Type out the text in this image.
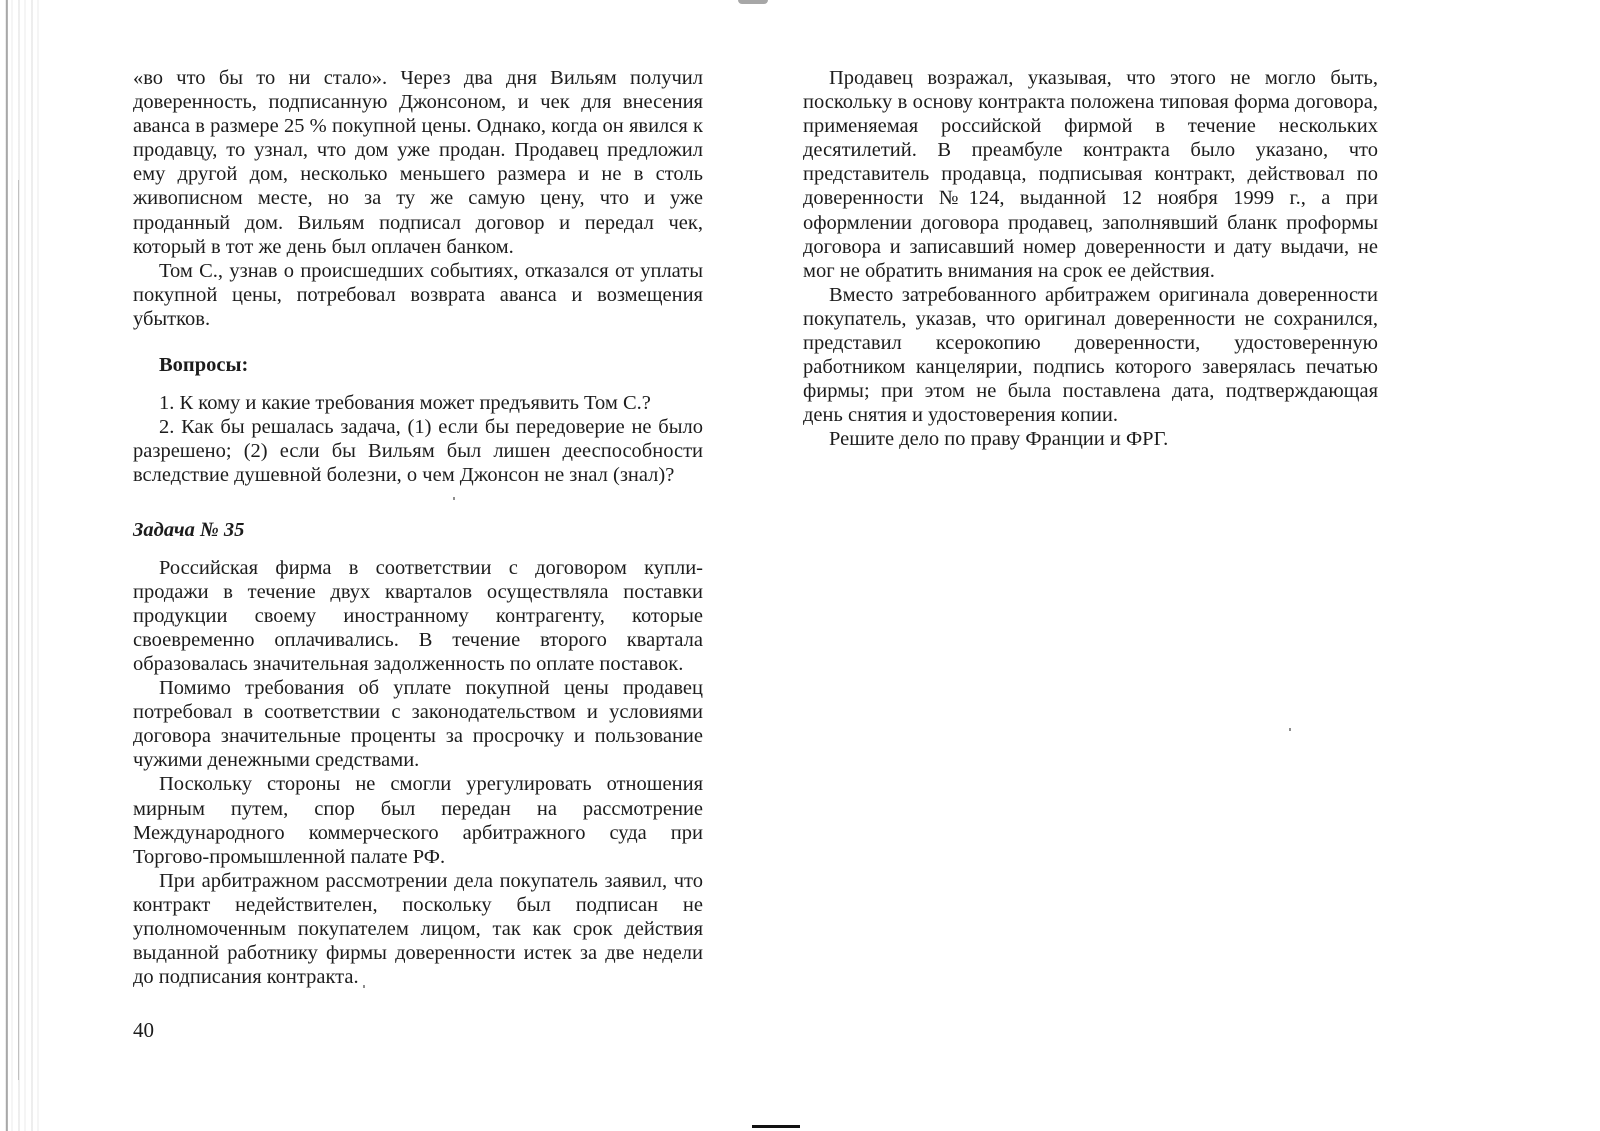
«во что бы то ни стало». Через два дня Вильям получил доверенность, подписанную Джонсоном, и чек для внесения аванса в размере 25 % покупной цены. Однако, когда он явился к продавцу, то узнал, что дом уже продан. Продавец предложил ему другой дом, несколько меньшего размера и не в столь живописном месте, но за ту же самую цену, что и уже проданный дом. Вильям подписал договор и передал чек, который в тот же день был оплачен банком.

Том С., узнав о происшедших событиях, отказался от уплаты покупной цены, потребовал возврата аванса и возмещения убытков.

Вопросы:

1. К кому и какие требования может предъявить Том С.?

2. Как бы решалась задача, (1) если бы передоверие не было разрешено; (2) если бы Вильям был лишен дееспособности вследствие душевной болезни, о чем Джонсон не знал (знал)?

Задача № 35

Российская фирма в соответствии с договором купли-продажи в течение двух кварталов осуществляла поставки продукции своему иностранному контрагенту, которые своевременно оплачивались. В течение второго квартала образовалась значительная задолженность по оплате поставок.

Помимо требования об уплате покупной цены продавец потребовал в соответствии с законодательством и условиями договора значительные проценты за просрочку и пользование чужими денежными средствами.

Поскольку стороны не смогли урегулировать отношения мирным путем, спор был передан на рассмотрение Международного коммерческого арбитражного суда при Торгово-промышленной палате РФ.

При арбитражном рассмотрении дела покупатель заявил, что контракт недействителен, поскольку был подписан не уполномоченным покупателем лицом, так как срок действия выданной работнику фирмы доверенности истек за две недели до подписания контракта.

40

Продавец возражал, указывая, что этого не могло быть, поскольку в основу контракта положена типовая форма договора, применяемая российской фирмой в течение нескольких десятилетий. В преамбуле контракта было указано, что представитель продавца, подписывая контракт, действовал по доверенности №124, выданной 12 ноября 1999 г., а при оформлении договора продавец, заполнявший бланк проформы договора и записавший номер доверенности и дату выдачи, не мог не обратить внимания на срок ее действия.

Вместо затребованного арбитражем оригинала доверенности покупатель, указав, что оригинал доверенности не сохранился, представил ксерокопию доверенности, удостоверенную работником канцелярии, подпись которого заверялась печатью фирмы; при этом не была поставлена дата, подтверждающая день снятия и удостоверения копии.

Решите дело по праву Франции и ФРГ.
